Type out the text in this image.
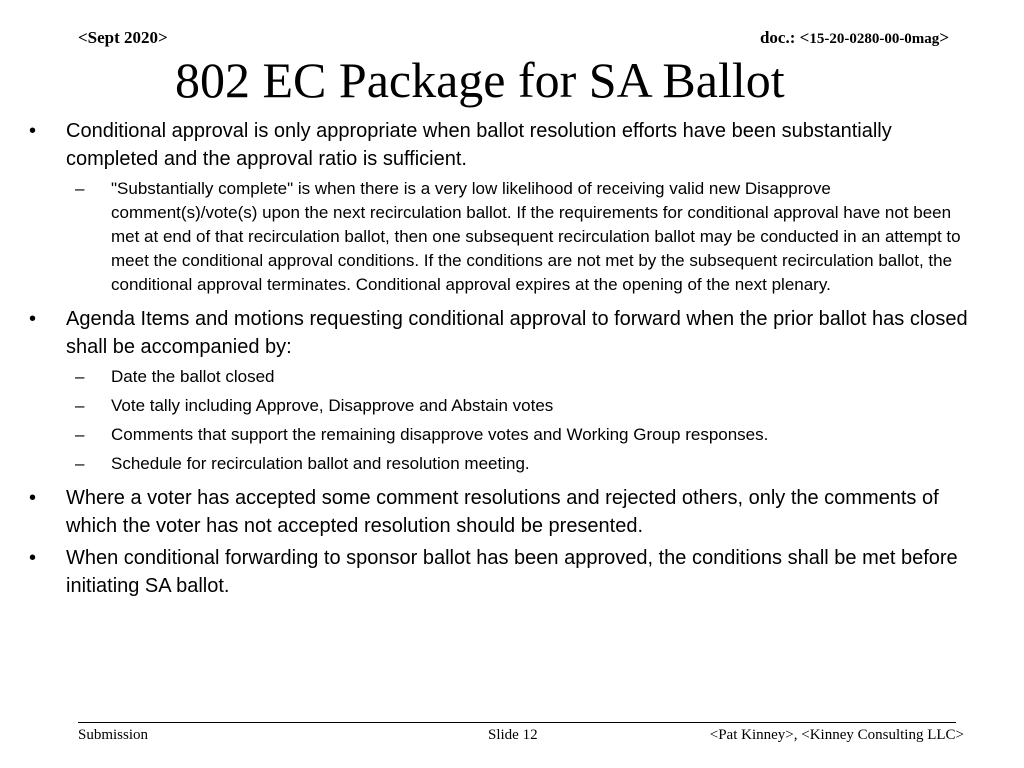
<Sept 2020>	doc.: <15-20-0280-00-0mag>
802 EC Package for SA Ballot
• Conditional approval is only appropriate when ballot resolution efforts have been substantially completed and the approval ratio is sufficient.
– "Substantially complete" is when there is a very low likelihood of receiving valid new Disapprove comment(s)/vote(s) upon the next recirculation ballot. If the requirements for conditional approval have not been met at end of that recirculation ballot, then one subsequent recirculation ballot may be conducted in an attempt to meet the conditional approval conditions. If the conditions are not met by the subsequent recirculation ballot, the conditional approval terminates. Conditional approval expires at the opening of the next plenary.
• Agenda Items and motions requesting conditional approval to forward when the prior ballot has closed shall be accompanied by:
– Date the ballot closed
– Vote tally including Approve, Disapprove and Abstain votes
– Comments that support the remaining disapprove votes and Working Group responses.
– Schedule for recirculation ballot and resolution meeting.
• Where a voter has accepted some comment resolutions and rejected others, only the comments of which the voter has not accepted resolution should be presented.
• When conditional forwarding to sponsor ballot has been approved, the conditions shall be met before initiating SA ballot.
Submission	Slide 12	<Pat Kinney>, <Kinney Consulting LLC>
